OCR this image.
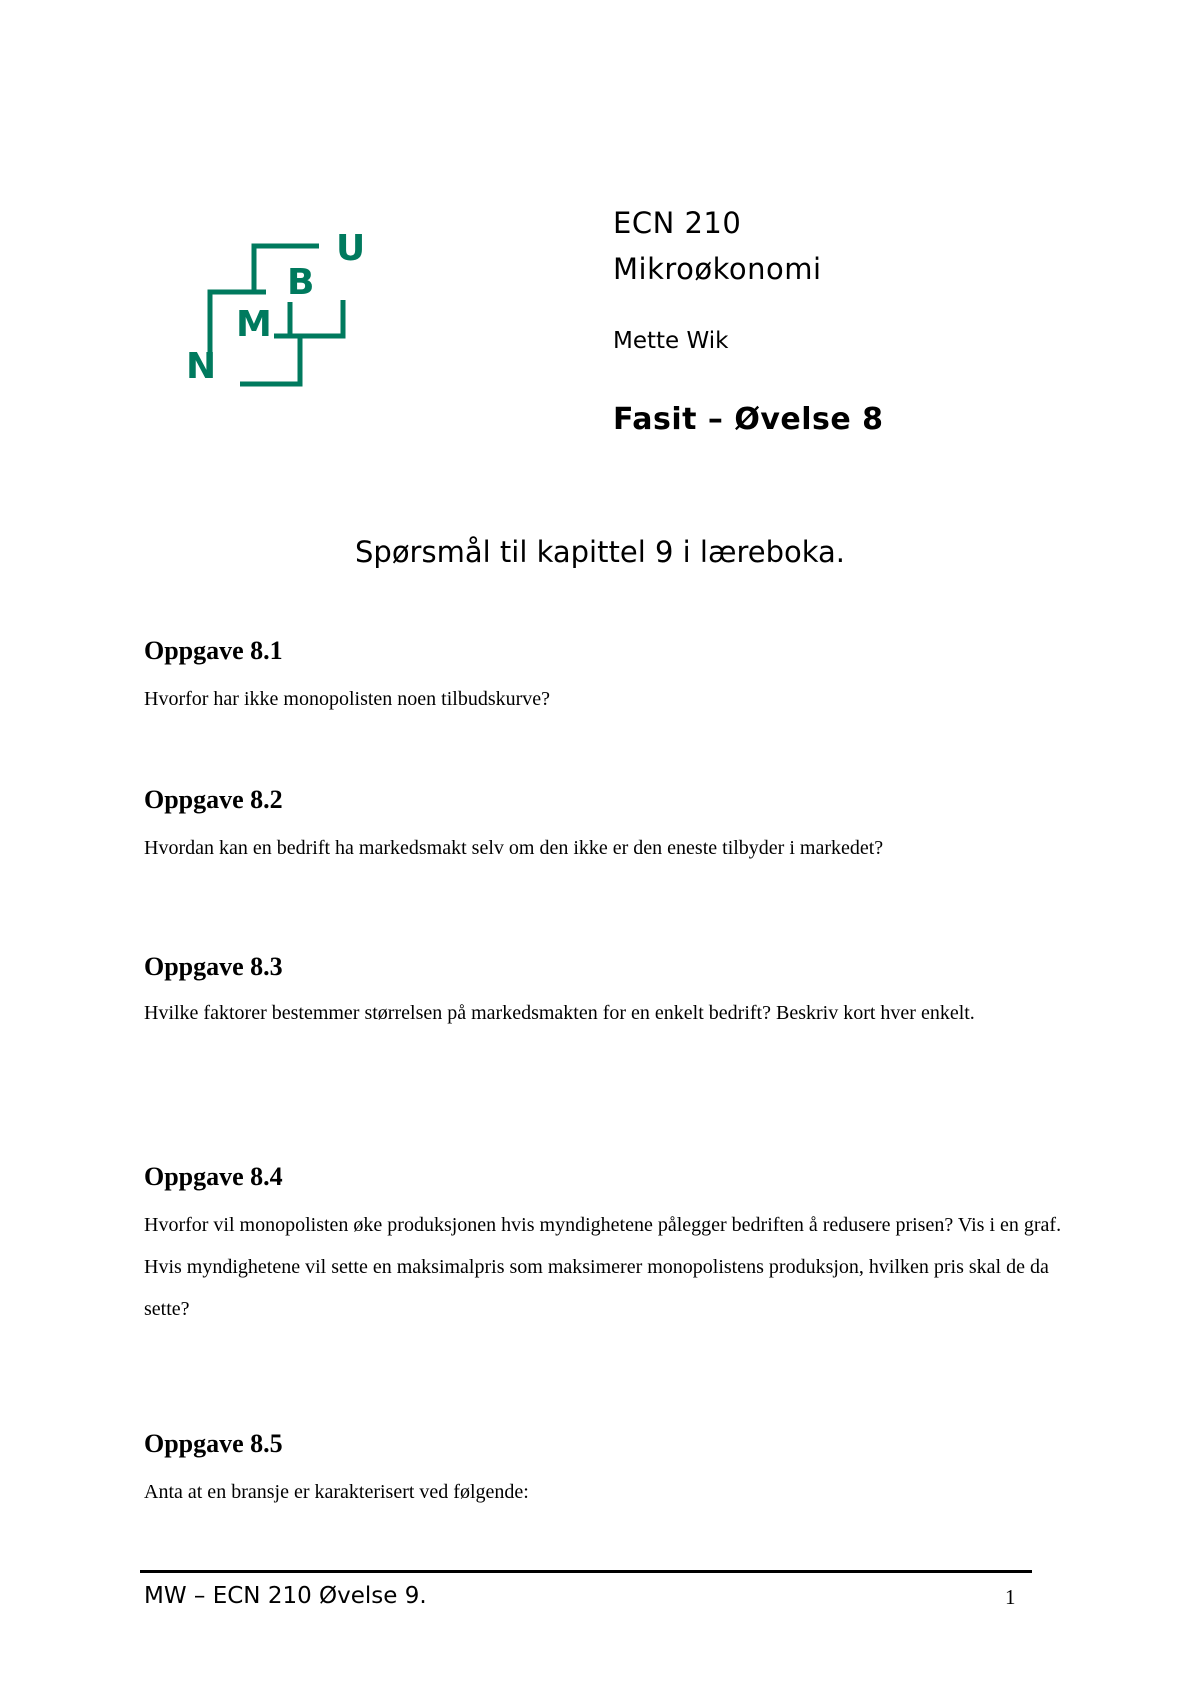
N
M
B
U
ECN 210
Mikroøkonomi
Mette Wik
Fasit – Øvelse 8
Spørsmål til kapittel 9 i læreboka.
Oppgave 8.1

Hvorfor har ikke monopolisten noen tilbudskurve?

Oppgave 8.2

Hvordan kan en bedrift ha markedsmakt selv om den ikke er den eneste tilbyder i markedet?

Oppgave 8.3

Hvilke faktorer bestemmer størrelsen på markedsmakten for en enkelt bedrift? Beskriv kort hver enkelt.

Oppgave 8.4

Hvorfor vil monopolisten øke produksjonen hvis myndighetene pålegger bedriften å redusere prisen? Vis i en graf. Hvis myndighetene vil sette en maksimalpris som maksimerer monopolistens produksjon, hvilken pris skal de da sette?

Oppgave 8.5

Anta at en bransje er karakterisert ved følgende:

MW – ECN 210 Øvelse 9.	1
